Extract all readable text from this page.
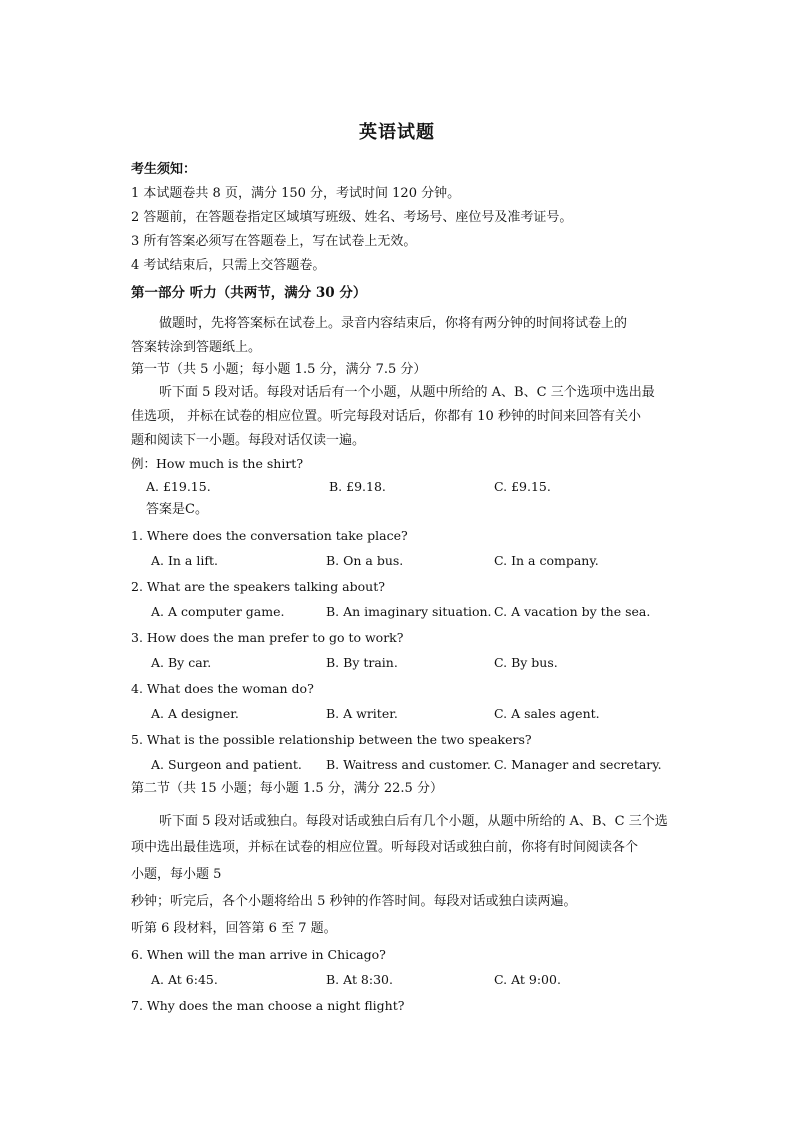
英语试题
考生须知：
1 本试题卷共 8 页，满分 150 分，考试时间 120 分钟。
2 答题前，在答题卷指定区域填写班级、姓名、考场号、座位号及准考证号。
3 所有答案必须写在答题卷上，写在试卷上无效。
4 考试结束后，只需上交答题卷。
第一部分 听力（共两节，满分 30 分）
做题时，先将答案标在试卷上。录音内容结束后，你将有两分钟的时间将试卷上的
答案转涂到答题纸上。
第一节（共 5 小题；每小题 1.5 分，满分 7.5 分）
听下面 5 段对话。每段对话后有一个小题，从题中所给的 A、B、C 三个选项中选出最
佳选项， 并标在试卷的相应位置。听完每段对话后，你都有 10 秒钟的时间来回答有关小
题和阅读下一小题。每段对话仅读一遍。
例：How much is the shirt?
A. £19.15.	B. £9.18.	C. £9.15.
答案是C。
1. Where does the conversation take place?
A. In a lift.	B. On a bus.	C. In a company.
2. What are the speakers talking about?
A. A computer game.	B. An imaginary situation. C. A vacation by the sea.
3. How does the man prefer to go to work?
A. By car.	B. By train.	C. By bus.
4. What does the woman do?
A. A designer.	B. A writer.	C. A sales agent.
5. What is the possible relationship between the two speakers?
A. Surgeon and patient. B. Waitress and customer. C. Manager and secretary.
第二节（共 15 小题；每小题 1.5 分，满分 22.5 分）
听下面 5 段对话或独白。每段对话或独白后有几个小题，从题中所给的 A、B、C 三个选
项中选出最佳选项，并标在试卷的相应位置。听每段对话或独白前，你将有时间阅读各个
小题，每小题 5
秒钟；听完后，各个小题将给出 5 秒钟的作答时间。每段对话或独白读两遍。
听第 6 段材料，回答第 6 至 7 题。
6. When will the man arrive in Chicago?
A. At 6:45.	B. At 8:30.	C. At 9:00.
7. Why does the man choose a night flight?
